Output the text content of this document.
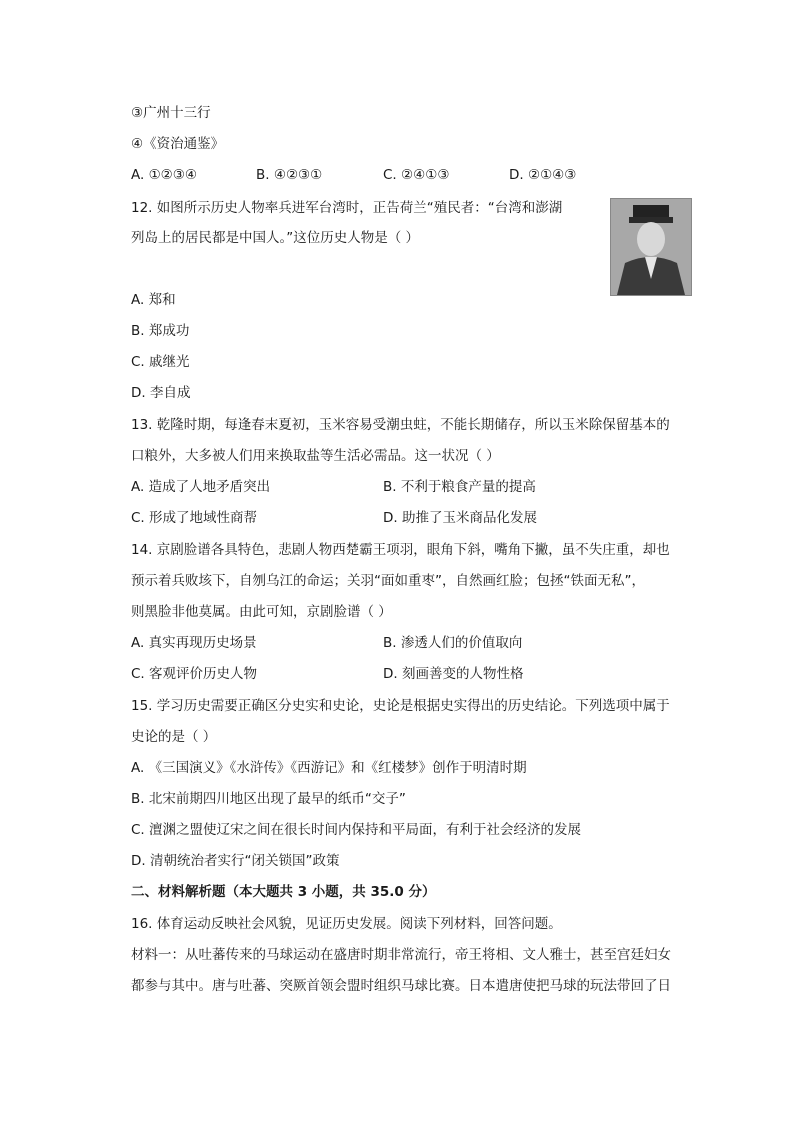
③广州十三行
④《资治通鉴》
A. ①②③④	B. ④②③①	C. ②④①③	D. ②①④③
12. 如图所示历史人物率兵进军台湾时，正告荷兰“殖民者：“台湾和澎湖
列岛上的居民都是中国人。”这位历史人物是（ ）
A. 郑和
B. 郑成功
C. 戚继光
D. 李自成
13. 乾隆时期，每逢春末夏初，玉米容易受潮虫蛀，不能长期储存，所以玉米除保留基本的
口粮外，大多被人们用来换取盐等生活必需品。这一状况（ ）
A. 造成了人地矛盾突出	B. 不利于粮食产量的提高
C. 形成了地域性商帮	D. 助推了玉米商品化发展
14. 京剧脸谱各具特色，悲剧人物西楚霸王项羽，眼角下斜，嘴角下撇，虽不失庄重，却也
预示着兵败垓下，自刎乌江的命运；关羽“面如重枣”，自然画红脸；包拯“铁面无私”，
则黑脸非他莫属。由此可知，京剧脸谱（ ）
A. 真实再现历史场景	B. 渗透人们的价值取向
C. 客观评价历史人物	D. 刻画善变的人物性格
15. 学习历史需要正确区分史实和史论，史论是根据史实得出的历史结论。下列选项中属于
史论的是（ ）
A. 《三国演义》《水浒传》《西游记》和《红楼梦》创作于明清时期
B. 北宋前期四川地区出现了最早的纸币“交子”
C. 澶渊之盟使辽宋之间在很长时间内保持和平局面，有利于社会经济的发展
D. 清朝统治者实行“闭关锁国”政策
二、材料解析题（本大题共 3 小题，共 35.0 分）
16. 体育运动反映社会风貌，见证历史发展。阅读下列材料，回答问题。
材料一：从吐蕃传来的马球运动在盛唐时期非常流行，帝王将相、文人雅士，甚至宫廷妇女
都参与其中。唐与吐蕃、突厥首领会盟时组织马球比赛。日本遣唐使把马球的玩法带回了日
